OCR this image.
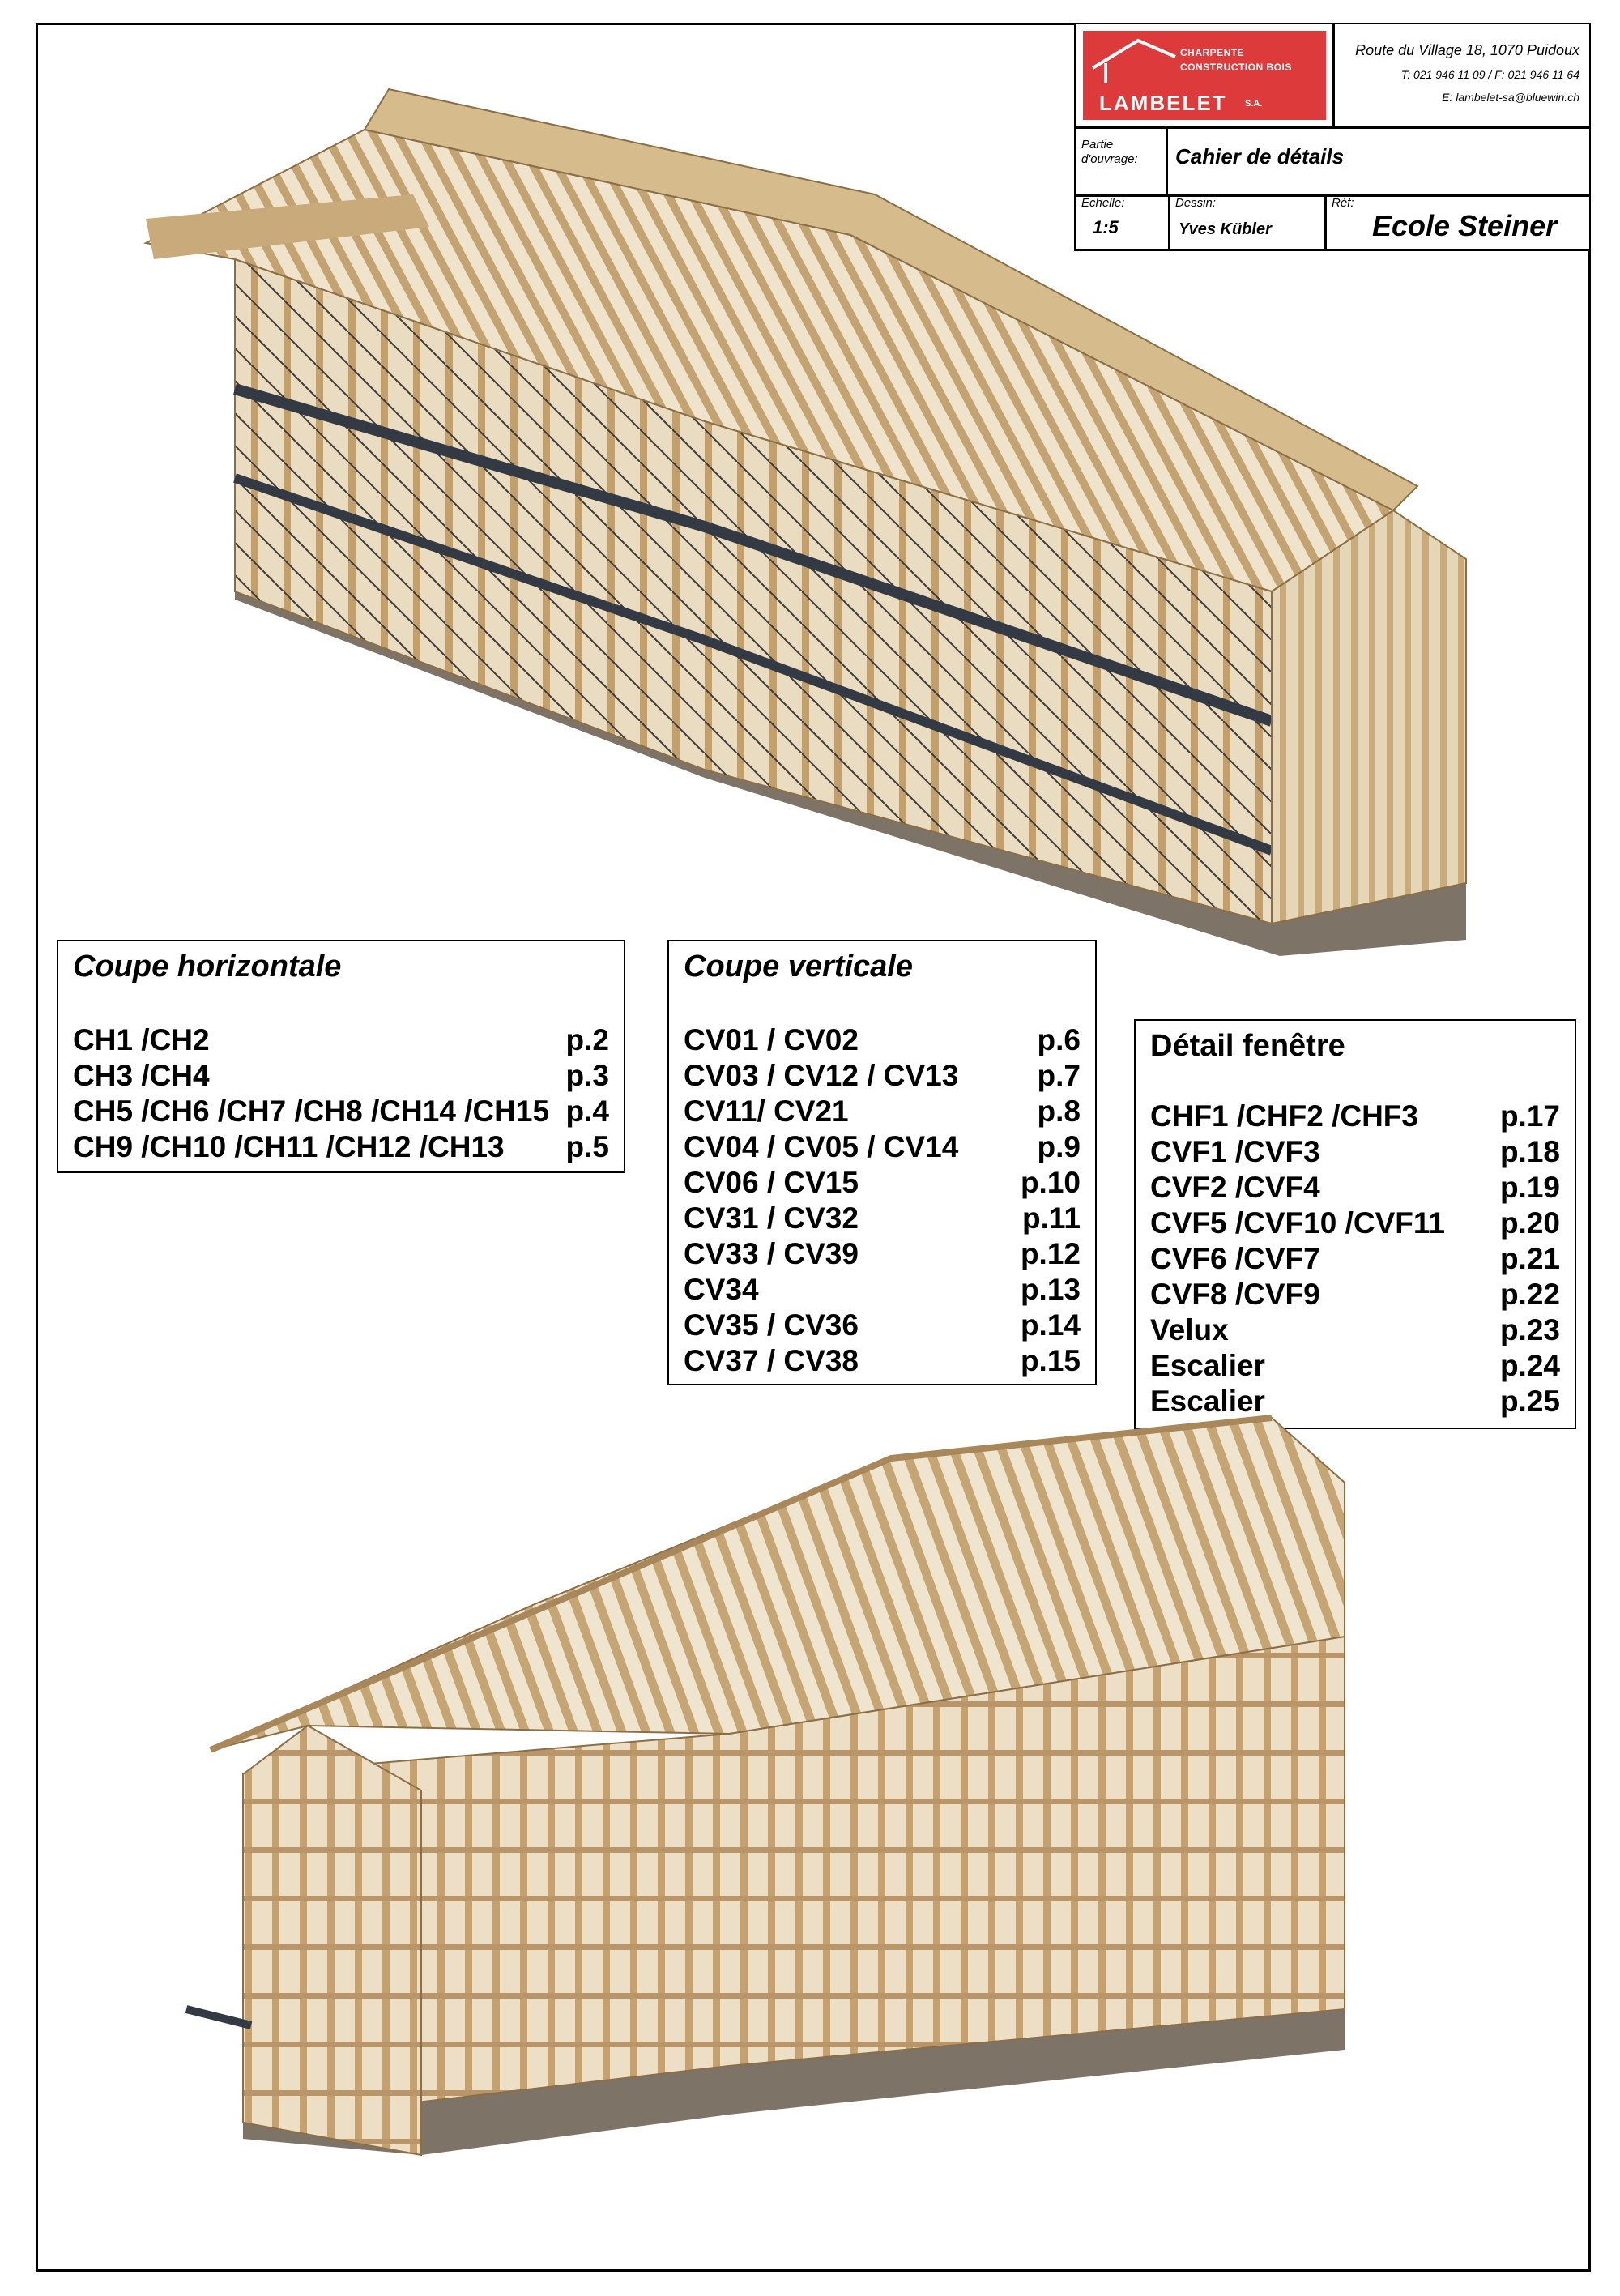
CHARPENTE
CONSTRUCTION BOIS
LAMBELET S.A.
Route du Village 18, 1070 Puidoux
T: 021 946 11 09 / F: 021 946 11 64
E: lambelet-sa@bluewin.ch
Partie d'ouvrage:	Cahier de détails
Echelle:
1:5
Dessin:
Yves Kübler
Réf:
Ecole Steiner
Coupe horizontale
CH1 /CH2	p.2
CH3 /CH4	p.3
CH5 /CH6 /CH7 /CH8 /CH14 /CH15 p.4
CH9 /CH10 /CH11 /CH12 /CH13 p.5
Coupe verticale
CV01 / CV02	p.6
CV03 / CV12 / CV13	p.7
CV11/ CV21	p.8
CV04 / CV05 / CV14	p.9
CV06 / CV15	p.10
CV31 / CV32	p.11
CV33 / CV39	p.12
CV34	p.13
CV35 / CV36	p.14
CV37 / CV38	p.15
Détail fenêtre
CHF1 /CHF2 /CHF3	p.17
CVF1 /CVF3	p.18
CVF2 /CVF4	p.19
CVF5 /CVF10 /CVF11 p.20
CVF6 /CVF7	p.21
CVF8 /CVF9	p.22
Velux	p.23
Escalier	p.24
Escalier	p.25
